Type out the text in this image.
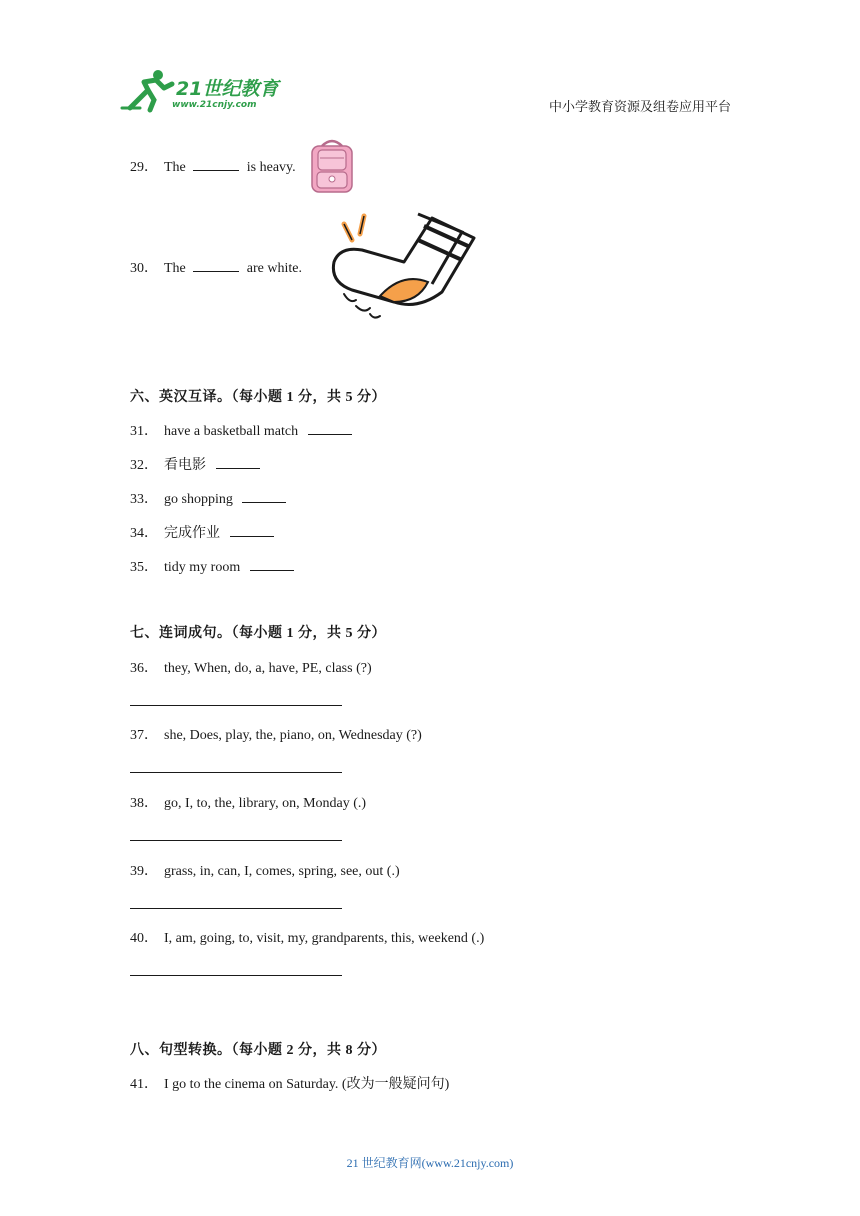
21世纪教育
www.21cnjy.com	中小学教育资源及组卷应用平台
29． The	is heavy.
30． The	are white.
六、英汉互译。（每小题 1 分，共 5 分）
31． have a basketball match
32． 看电影
33． go shopping
34． 完成作业
35． tidy my room
七、连词成句。（每小题 1 分，共 5 分）
36． they, When, do, a, have, PE, class (?)
37． she, Does, play, the, piano, on, Wednesday (?)
38． go, I, to, the, library, on, Monday (.)
39． grass, in, can, I, comes, spring, see, out (.)
40． I, am, going, to, visit, my, grandparents, this, weekend (.)
八、句型转换。（每小题 2 分，共 8 分）
41． I go to the cinema on Saturday. (改为一般疑问句)
21 世纪教育网(www.21cnjy.com)
